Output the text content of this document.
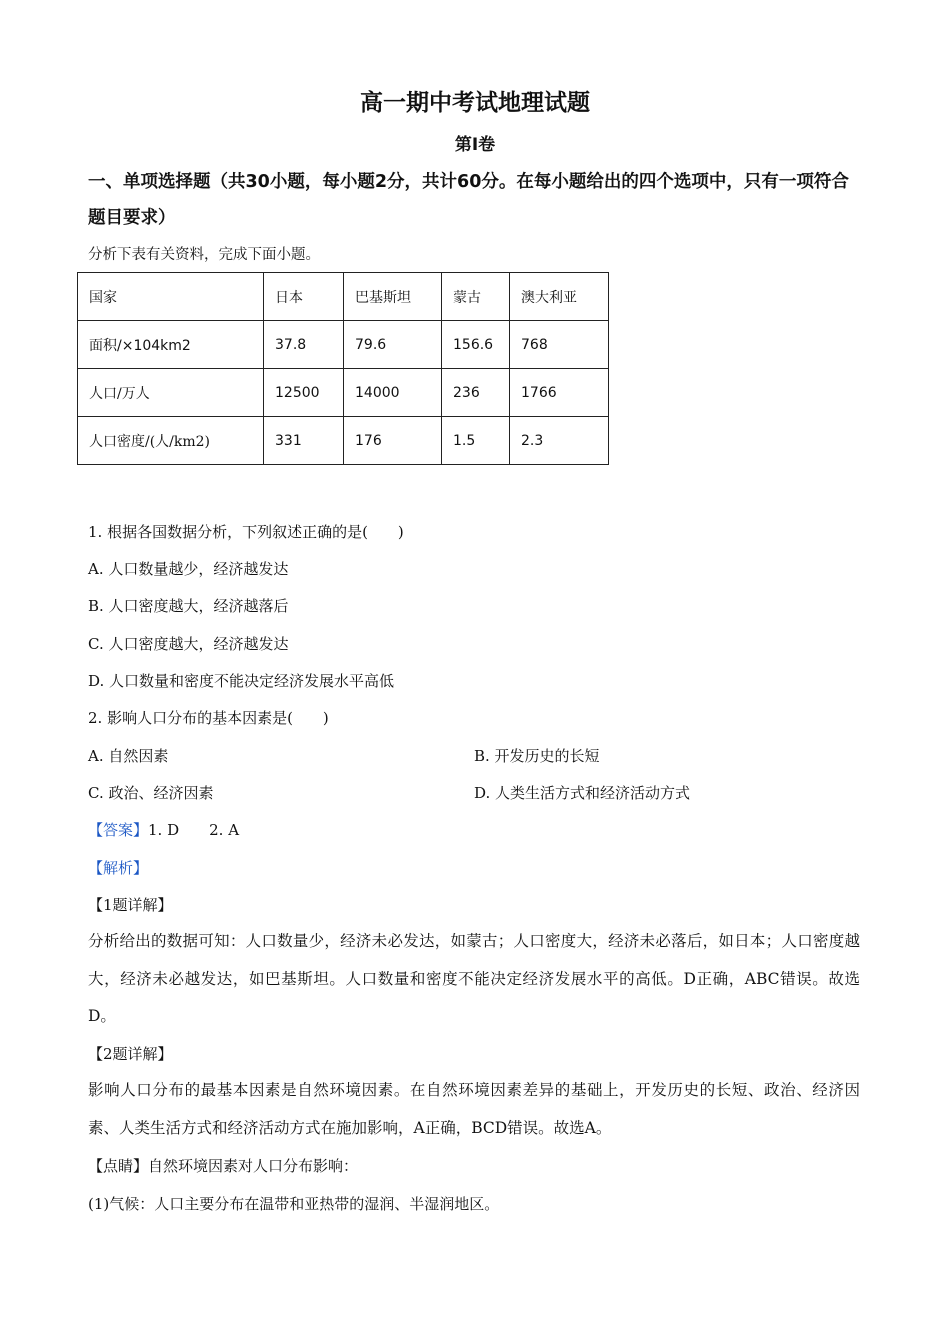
高一期中考试地理试题
第Ⅰ卷
一、单项选择题（共30小题，每小题2分，共计60分。在每小题给出的四个选项中，只有一项符合题目要求）
分析下表有关资料，完成下面小题。
国家	日本	巴基斯坦	蒙古	澳大利亚
面积/×104km2	37.8	79.6	156.6	768
人口/万人	12500	14000	236	1766
人口密度/(人/km2)	331	176	1.5	2.3
1. 根据各国数据分析，下列叙述正确的是(　　)
A. 人口数量越少，经济越发达
B. 人口密度越大，经济越落后
C. 人口密度越大，经济越发达
D. 人口数量和密度不能决定经济发展水平高低
2. 影响人口分布的基本因素是(　　)
A. 自然因素	B. 开发历史的长短
C. 政治、经济因素	D. 人类生活方式和经济活动方式
【答案】1. D　　2. A
【解析】
【1题详解】
分析给出的数据可知：人口数量少，经济未必发达，如蒙古；人口密度大，经济未必落后，如日本；人口密度越大，经济未必越发达，如巴基斯坦。人口数量和密度不能决定经济发展水平的高低。D正确，ABC错误。故选D。
【2题详解】
影响人口分布的最基本因素是自然环境因素。在自然环境因素差异的基础上，开发历史的长短、政治、经济因素、人类生活方式和经济活动方式在施加影响，A正确，BCD错误。故选A。
【点睛】自然环境因素对人口分布影响：
(1)气候：人口主要分布在温带和亚热带的湿润、半湿润地区。
